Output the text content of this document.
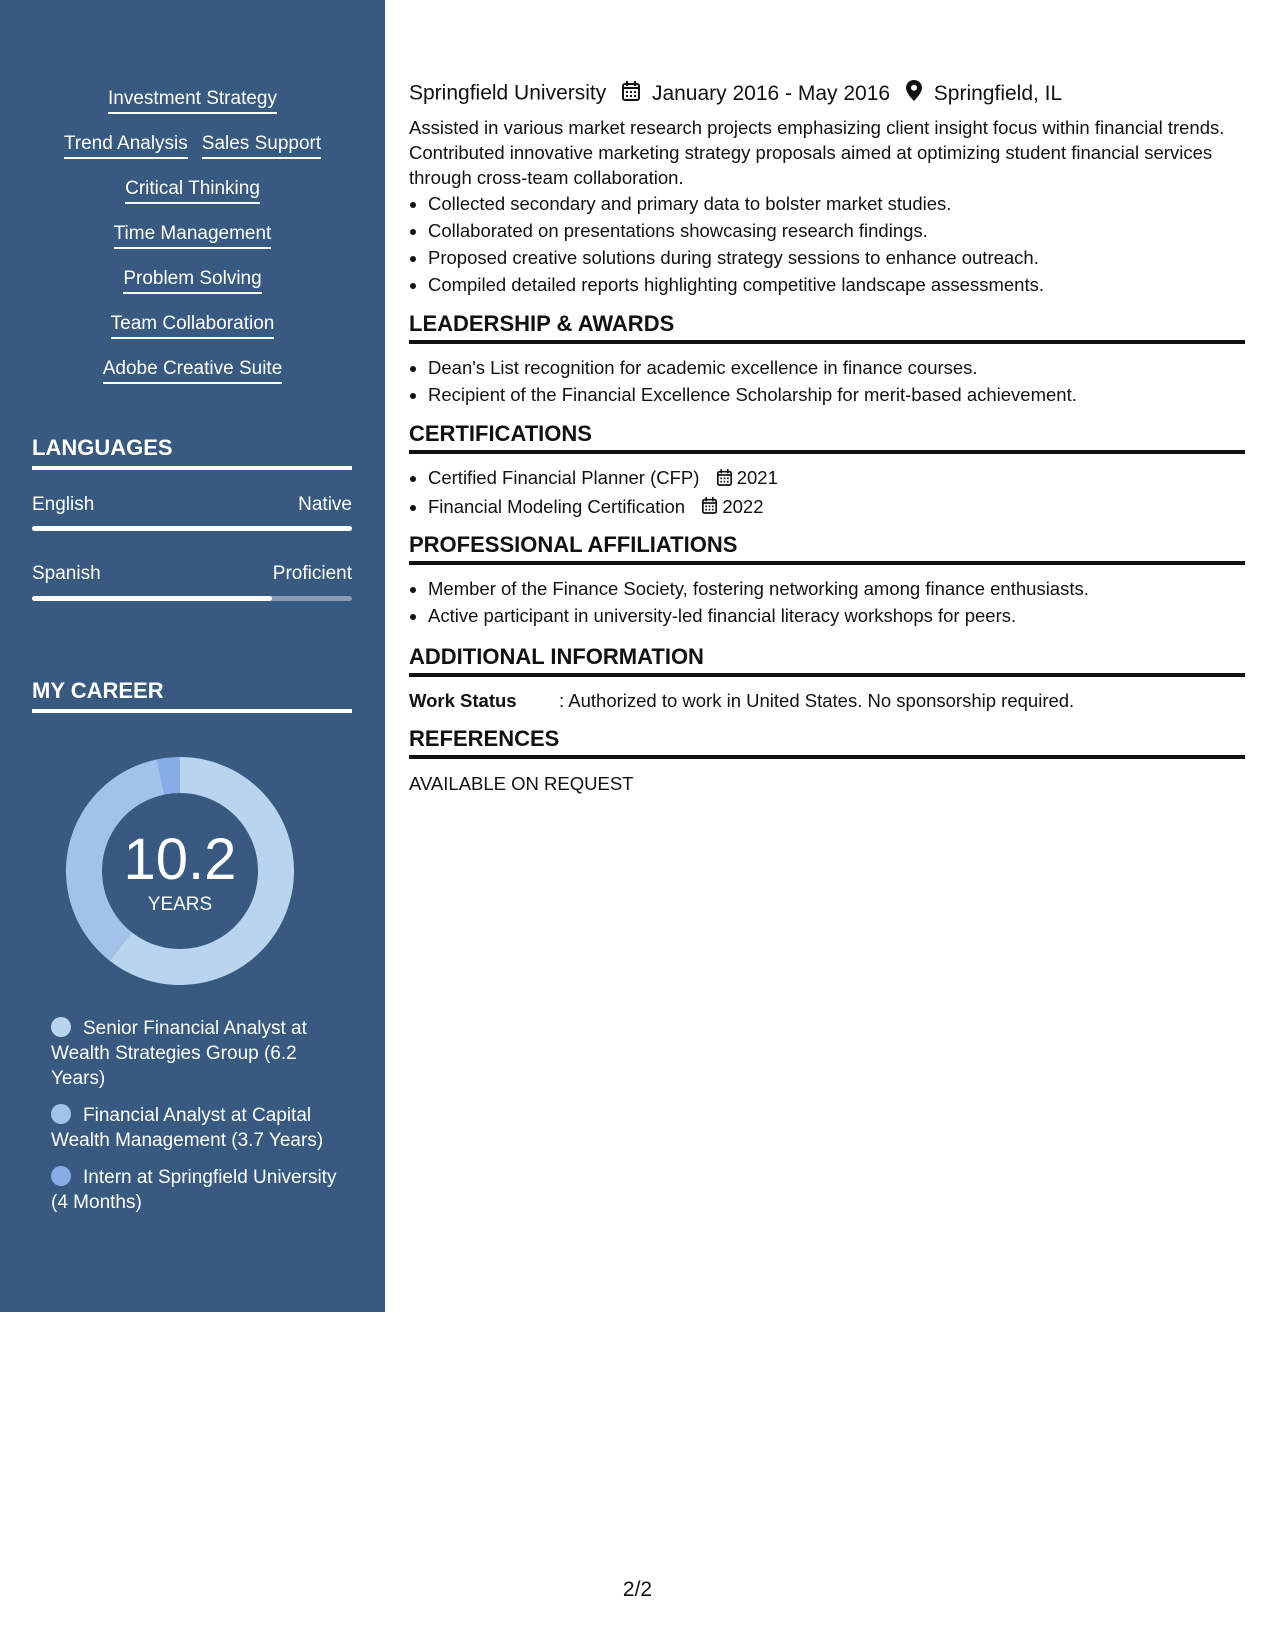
Investment Strategy
Trend Analysis Sales Support
Critical Thinking
Time Management
Problem Solving
Team Collaboration
Adobe Creative Suite
LANGUAGES
English	Native
Spanish	Proficient
MY CAREER
10.2
YEARS
Senior Financial Analyst at Wealth Strategies Group (6.2 Years)
Financial Analyst at Capital Wealth Management (3.7 Years)
Intern at Springfield University (4 Months)
Springfield University January 2016 - May 2016 Springfield, IL
Assisted in various market research projects emphasizing client insight focus within financial trends. Contributed innovative marketing strategy proposals aimed at optimizing student financial services through cross-team collaboration.
• Collected secondary and primary data to bolster market studies.
• Collaborated on presentations showcasing research findings.
• Proposed creative solutions during strategy sessions to enhance outreach.
• Compiled detailed reports highlighting competitive landscape assessments.
LEADERSHIP & AWARDS
• Dean's List recognition for academic excellence in finance courses.
• Recipient of the Financial Excellence Scholarship for merit-based achievement.
CERTIFICATIONS
• Certified Financial Planner (CFP) 2021
• Financial Modeling Certification 2022
PROFESSIONAL AFFILIATIONS
• Member of the Finance Society, fostering networking among finance enthusiasts.
• Active participant in university-led financial literacy workshops for peers.
ADDITIONAL INFORMATION
Work Status : Authorized to work in United States. No sponsorship required.
REFERENCES
AVAILABLE ON REQUEST
2/2
